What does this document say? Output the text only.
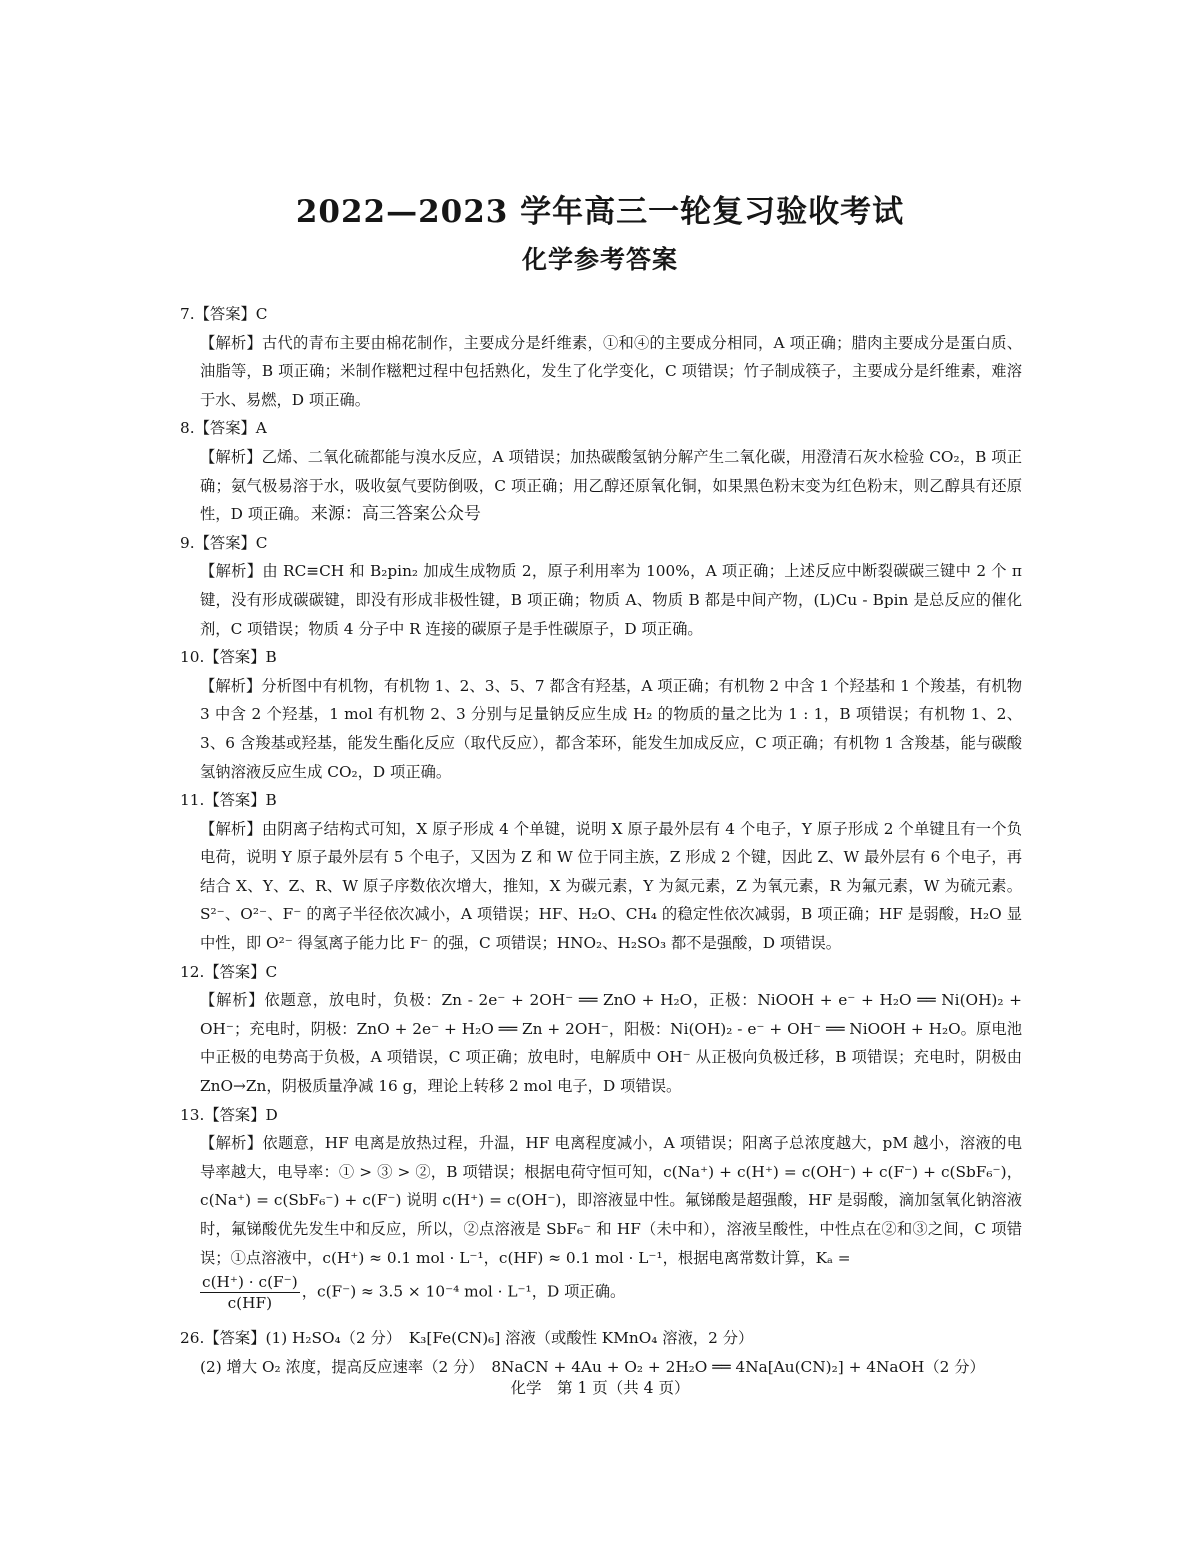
2022—2023 学年高三一轮复习验收考试
化学参考答案
7.【答案】C
【解析】古代的青布主要由棉花制作，主要成分是纤维素，①和④的主要成分相同，A 项正确；腊肉主要成分是蛋白质、油脂等，B 项正确；米制作糍粑过程中包括熟化，发生了化学变化，C 项错误；竹子制成筷子，主要成分是纤维素，难溶于水、易燃，D 项正确。
8.【答案】A
【解析】乙烯、二氧化硫都能与溴水反应，A 项错误；加热碳酸氢钠分解产生二氧化碳，用澄清石灰水检验 CO₂，B 项正确；氨气极易溶于水，吸收氨气要防倒吸，C 项正确；用乙醇还原氧化铜，如果黑色粉末变为红色粉末，则乙醇具有还原性，D 项正确。 来源：高三答案公众号
9.【答案】C
【解析】由 RC≡CH 和 B₂pin₂ 加成生成物质 2，原子利用率为 100%，A 项正确；上述反应中断裂碳碳三键中 2 个 π 键，没有形成碳碳键，即没有形成非极性键，B 项正确；物质 A、物质 B 都是中间产物，(L)Cu - Bpin 是总反应的催化剂，C 项错误；物质 4 分子中 R 连接的碳原子是手性碳原子，D 项正确。
10.【答案】B
【解析】分析图中有机物，有机物 1、2、3、5、7 都含有羟基，A 项正确；有机物 2 中含 1 个羟基和 1 个羧基，有机物 3 中含 2 个羟基，1 mol 有机物 2、3 分别与足量钠反应生成 H₂ 的物质的量之比为 1 : 1，B 项错误；有机物 1、2、3、6 含羧基或羟基，能发生酯化反应（取代反应），都含苯环，能发生加成反应，C 项正确；有机物 1 含羧基，能与碳酸氢钠溶液反应生成 CO₂，D 项正确。
11.【答案】B
【解析】由阴离子结构式可知，X 原子形成 4 个单键，说明 X 原子最外层有 4 个电子，Y 原子形成 2 个单键且有一个负电荷，说明 Y 原子最外层有 5 个电子，又因为 Z 和 W 位于同主族，Z 形成 2 个键，因此 Z、W 最外层有 6 个电子，再结合 X、Y、Z、R、W 原子序数依次增大，推知，X 为碳元素，Y 为氮元素，Z 为氧元素，R 为氟元素，W 为硫元素。S²⁻、O²⁻、F⁻ 的离子半径依次减小，A 项错误；HF、H₂O、CH₄ 的稳定性依次减弱，B 项正确；HF 是弱酸，H₂O 显中性，即 O²⁻ 得氢离子能力比 F⁻ 的强，C 项错误；HNO₂、H₂SO₃ 都不是强酸，D 项错误。
12.【答案】C
【解析】依题意，放电时，负极：Zn - 2e⁻ + 2OH⁻ ══ ZnO + H₂O，正极：NiOOH + e⁻ + H₂O ══ Ni(OH)₂ + OH⁻；充电时，阴极：ZnO + 2e⁻ + H₂O ══ Zn + 2OH⁻，阳极：Ni(OH)₂ - e⁻ + OH⁻ ══ NiOOH + H₂O。原电池中正极的电势高于负极，A 项错误，C 项正确；放电时，电解质中 OH⁻ 从正极向负极迁移，B 项错误；充电时，阴极由 ZnO→Zn，阴极质量净减 16 g，理论上转移 2 mol 电子，D 项错误。
13.【答案】D
【解析】依题意，HF 电离是放热过程，升温，HF 电离程度减小，A 项错误；阳离子总浓度越大，pM 越小，溶液的电导率越大，电导率：① > ③ > ②，B 项错误；根据电荷守恒可知，c(Na⁺) + c(H⁺) = c(OH⁻) + c(F⁻) + c(SbF₆⁻)，c(Na⁺) = c(SbF₆⁻) + c(F⁻) 说明 c(H⁺) = c(OH⁻)，即溶液显中性。氟锑酸是超强酸，HF 是弱酸，滴加氢氧化钠溶液时，氟锑酸优先发生中和反应，所以，②点溶液是 SbF₆⁻ 和 HF（未中和），溶液呈酸性，中性点在②和③之间，C 项错误；①点溶液中，c(H⁺) ≈ 0.1 mol · L⁻¹，c(HF) ≈ 0.1 mol · L⁻¹，根据电离常数计算，Kₐ =
$\frac{c(H^+) \cdot c(F^-)}{c(HF)}$ ，c(F⁻) ≈ 3.5 × 10⁻⁴ mol · L⁻¹，D 项正确。
26.【答案】(1) H₂SO₄（2 分）　K₃[Fe(CN)₆] 溶液（或酸性 KMnO₄ 溶液，2 分）
(2) 增大 O₂ 浓度，提高反应速率（2 分）　8NaCN + 4Au + O₂ + 2H₂O ══ 4Na[Au(CN)₂] + 4NaOH（2 分）
化学　第 1 页（共 4 页）
